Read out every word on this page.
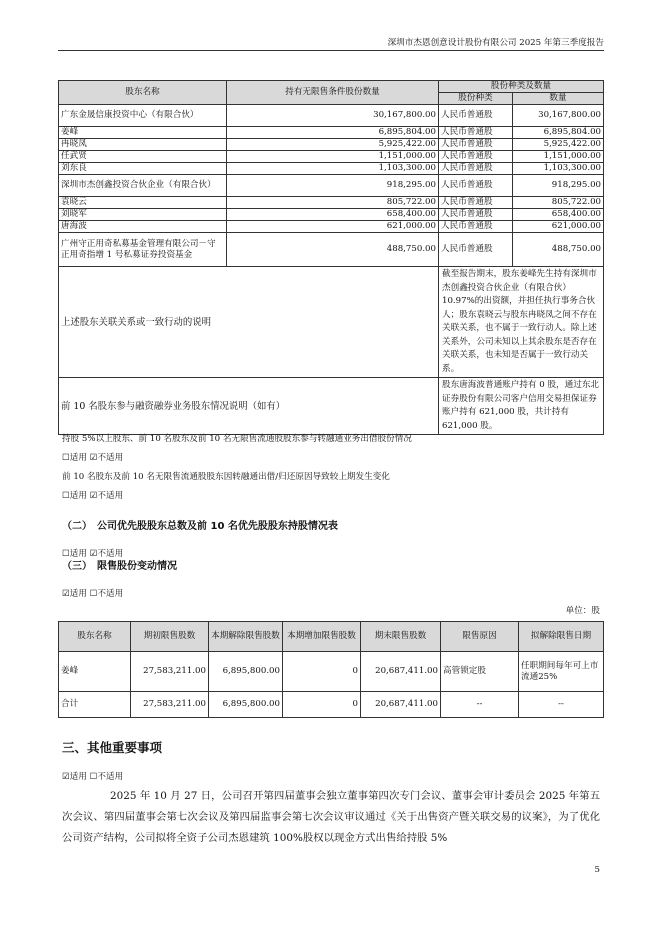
深圳市杰恩创意设计股份有限公司 2025 年第三季度报告
股东名称	持有无限售条件股份数量	股份种类及数量	
		股份种类	数量
广东金晟信康投资中心（有限合伙）	30,167,800.00	人民币普通股	30,167,800.00
姜峰	6,895,804.00	人民币普通股	6,895,804.00
冉晓凤	5,925,422.00	人民币普通股	5,925,422.00
任武贤	1,151,000.00	人民币普通股	1,151,000.00
刘东良	1,103,300.00	人民币普通股	1,103,300.00
深圳市杰创鑫投资合伙企业（有限合伙）	918,295.00	人民币普通股	918,295.00
袁晓云	805,722.00	人民币普通股	805,722.00
刘晓军	658,400.00	人民币普通股	658,400.00
唐海波	621,000.00	人民币普通股	621,000.00
广州守正用奇私募基金管理有限公司－守正用奇指增 1 号私募证券投资基金	488,750.00	人民币普通股	488,750.00
上述股东关联关系或一致行动的说明		截至报告期末，股东姜峰先生持有深圳市杰创鑫投资合伙企业（有限合伙）10.97%的出资额，并担任执行事务合伙人；股东袁晓云与股东冉晓凤之间不存在关联关系，也不属于一致行动人。除上述关系外，公司未知以上其余股东是否存在关联关系，也未知是否属于一致行动关系。	
前 10 名股东参与融资融券业务股东情况说明（如有）		股东唐海波普通账户持有 0 股，通过东北证券股份有限公司客户信用交易担保证券账户持有 621,000 股，共计持有 621,000 股。	
持股 5%以上股东、前 10 名股东及前 10 名无限售流通股股东参与转融通业务出借股份情况
☐适用 ☑不适用
前 10 名股东及前 10 名无限售流通股股东因转融通出借/归还原因导致较上期发生变化
☐适用 ☑不适用
（二）　公司优先股股东总数及前 10 名优先股股东持股情况表
☐适用 ☑不适用
（三）　限售股份变动情况
☑适用 ☐不适用
单位：股
股东名称	期初限售股数	本期解除限售股数	本期增加限售股数	期末限售股数	限售原因	拟解除限售日期
姜峰	27,583,211.00	6,895,800.00	0	20,687,411.00	高管锁定股	任职期间每年可上市流通25%
合计	27,583,211.00	6,895,800.00	0	20,687,411.00	--	--
三、其他重要事项
☑适用 ☐不适用
2025 年 10 月 27 日，公司召开第四届董事会独立董事第四次专门会议、董事会审计委员会 2025 年第五次会议、第四届董事会第七次会议及第四届监事会第七次会议审议通过《关于出售资产暨关联交易的议案》，为了优化公司资产结构，公司拟将全资子公司杰恩建筑 100%股权以现金方式出售给持股 5%
5
